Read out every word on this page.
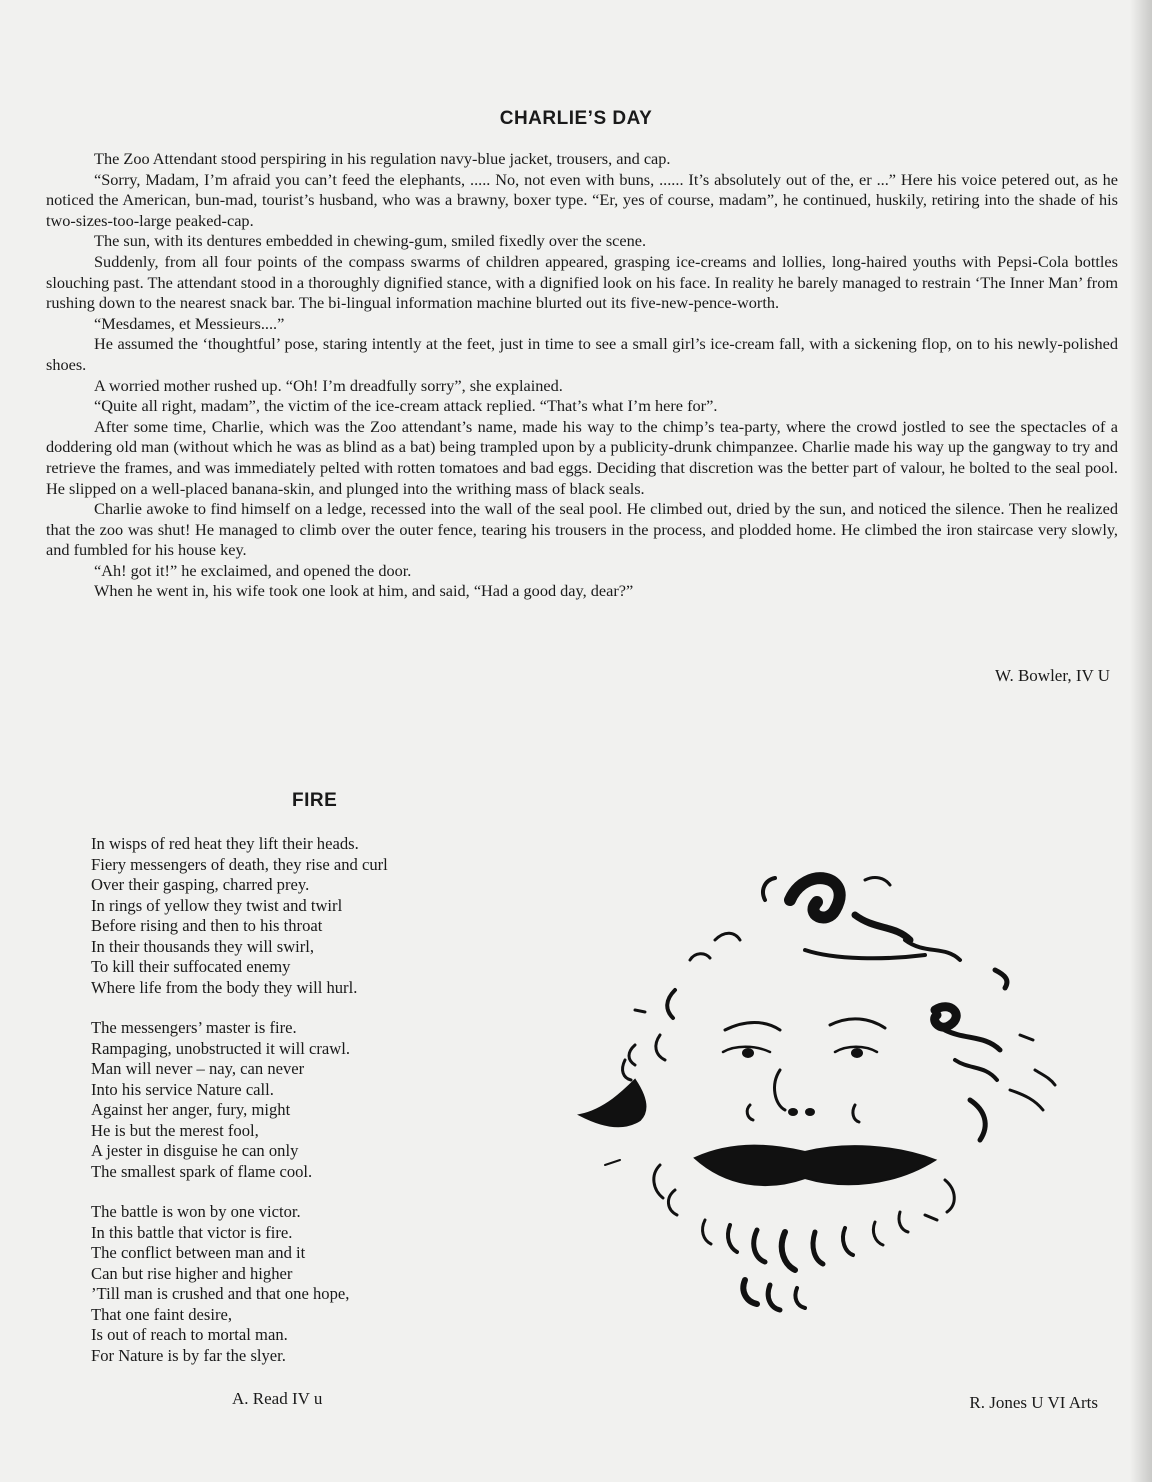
CHARLIE’S DAY

The Zoo Attendant stood perspiring in his regulation navy-blue jacket, trousers, and cap.

“Sorry, Madam, I’m afraid you can’t feed the elephants, ..... No, not even with buns, ...... It’s absolutely out of the, er ...” Here his voice petered out, as he noticed the American, bun-mad, tourist’s husband, who was a brawny, boxer type. “Er, yes of course, madam”, he continued, huskily, retiring into the shade of his two-sizes-too-large peaked-cap.

The sun, with its dentures embedded in chewing-gum, smiled fixedly over the scene.

Suddenly, from all four points of the compass swarms of children appeared, grasping ice-creams and lollies, long-haired youths with Pepsi-Cola bottles slouching past. The attendant stood in a thoroughly dignified stance, with a dignified look on his face. In reality he barely managed to restrain ‘The Inner Man’ from rushing down to the nearest snack bar. The bi-lingual information machine blurted out its five-new-pence-worth.

“Mesdames, et Messieurs....”

He assumed the ‘thoughtful’ pose, staring intently at the feet, just in time to see a small girl’s ice-cream fall, with a sickening flop, on to his newly-polished shoes.

A worried mother rushed up. “Oh! I’m dreadfully sorry”, she explained.

“Quite all right, madam”, the victim of the ice-cream attack replied. “That’s what I’m here for”.

After some time, Charlie, which was the Zoo attendant’s name, made his way to the chimp’s tea-party, where the crowd jostled to see the spectacles of a doddering old man (without which he was as blind as a bat) being trampled upon by a publicity-drunk chimpanzee. Charlie made his way up the gangway to try and retrieve the frames, and was immediately pelted with rotten tomatoes and bad eggs. Deciding that discretion was the better part of valour, he bolted to the seal pool. He slipped on a well-placed banana-skin, and plunged into the writhing mass of black seals.

Charlie awoke to find himself on a ledge, recessed into the wall of the seal pool. He climbed out, dried by the sun, and noticed the silence. Then he realized that the zoo was shut! He managed to climb over the outer fence, tearing his trousers in the process, and plodded home. He climbed the iron staircase very slowly, and fumbled for his house key.

“Ah! got it!” he exclaimed, and opened the door.

When he went in, his wife took one look at him, and said, “Had a good day, dear?”

W. Bowler, IV U
FIRE
In wisps of red heat they lift their heads.
Fiery messengers of death, they rise and curl
Over their gasping, charred prey.
In rings of yellow they twist and twirl
Before rising and then to his throat
In their thousands they will swirl,
To kill their suffocated enemy
Where life from the body they will hurl.
The messengers’ master is fire.
Rampaging, unobstructed it will crawl.
Man will never – nay, can never
Into his service Nature call.
Against her anger, fury, might
He is but the merest fool,
A jester in disguise he can only
The smallest spark of flame cool.
The battle is won by one victor.
In this battle that victor is fire.
The conflict between man and it
Can but rise higher and higher
’Till man is crushed and that one hope,
That one faint desire,
Is out of reach to mortal man.
For Nature is by far the slyer.
A. Read IV u	R. Jones U VI Arts
